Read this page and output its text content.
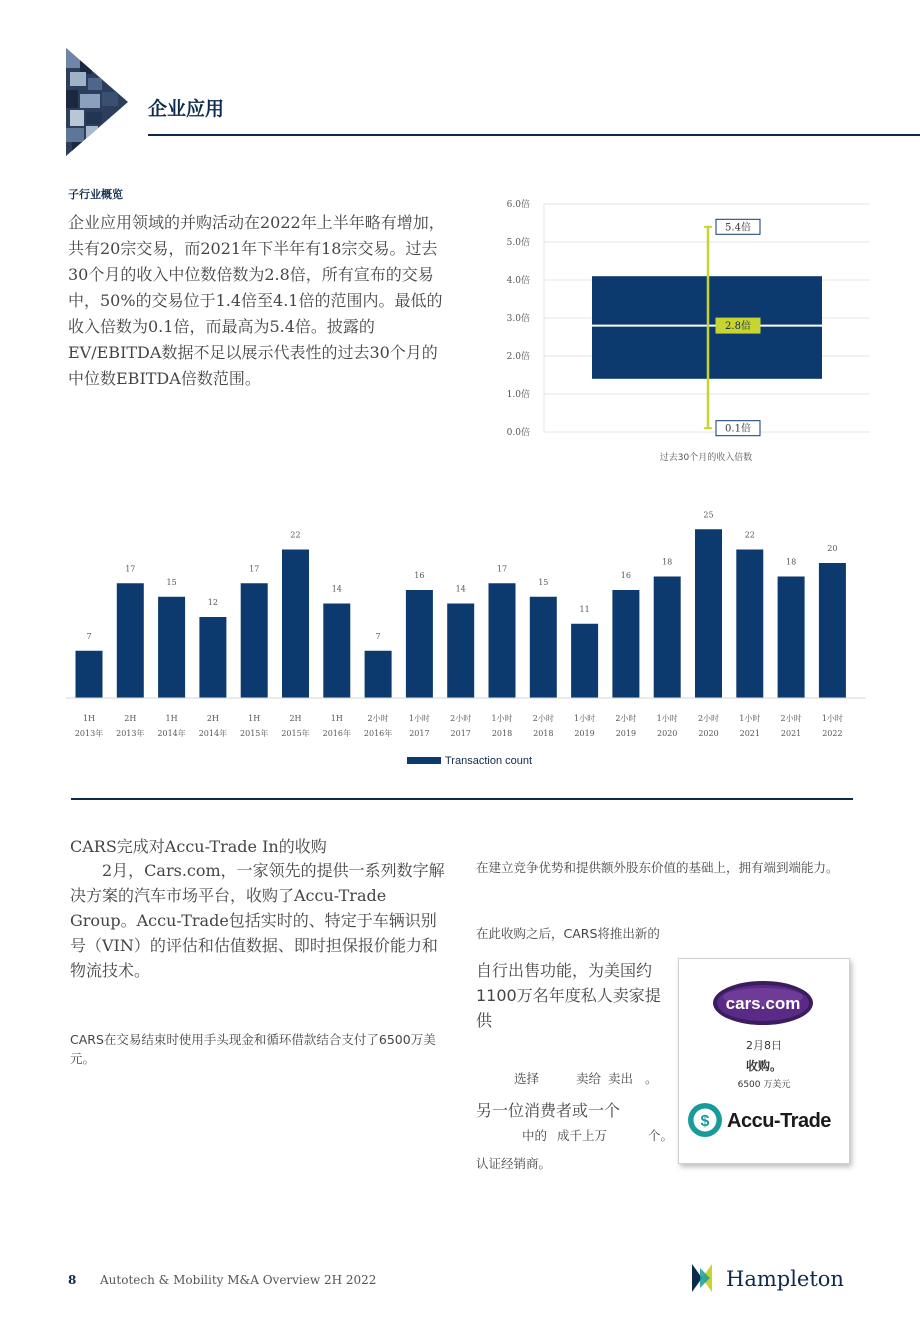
企业应用
子行业概览
企业应用领域的并购活动在2022年上半年略有增加，共有20宗交易，而2021年下半年有18宗交易。过去30个月的收入中位数倍数为2.8倍，所有宣布的交易中，50%的交易位于1.4倍至4.1倍的范围内。最低的收入倍数为0.1倍，而最高为5.4倍。披露的EV/EBITDA数据不足以展示代表性的过去30个月的中位数EBITDA倍数范围。
0.0倍
1.0倍
2.0倍
3.0倍
4.0倍
5.0倍
6.0倍
5.4倍
2.8倍
0.1倍
过去30个月的收入倍数
7
1H
2013年
17
2H
2013年
15
1H
2014年
12
2H
2014年
17
1H
2015年
22
2H
2015年
14
1H
2016年
7
2小时
2016年
16
1小时
2017
14
2小时
2017
17
1小时
2018
15
2小时
2018
11
1小时
2019
16
2小时
2019
18
1小时
2020
25
2小时
2020
22
1小时
2021
18
2小时
2021
20
1小时
2022
Transaction count
CARS完成对Accu-Trade In的收购
　　2月，Cars.com，一家领先的提供一系列数字解决方案的汽车市场平台，收购了Accu-Trade Group。Accu-Trade包括实时的、特定于车辆识别号（VIN）的评估和估值数据、即时担保报价能力和物流技术。
CARS在交易结束时使用手头现金和循环借款结合支付了6500万美元。
在建立竞争优势和提供额外股东价值的基础上，拥有端到端能力。
在此收购之后，CARS将推出新的
自行出售功能，为美国约1100万名年度私人卖家提供
选择	卖给 卖出 。
另一位消费者或一个
中的 成千上万	个。
认证经销商。
cars.com
2月8日
收购。
6500 万美元
$ Accu-Trade
8 Autotech & Mobility M&A Overview 2H 2022	Hampleton
